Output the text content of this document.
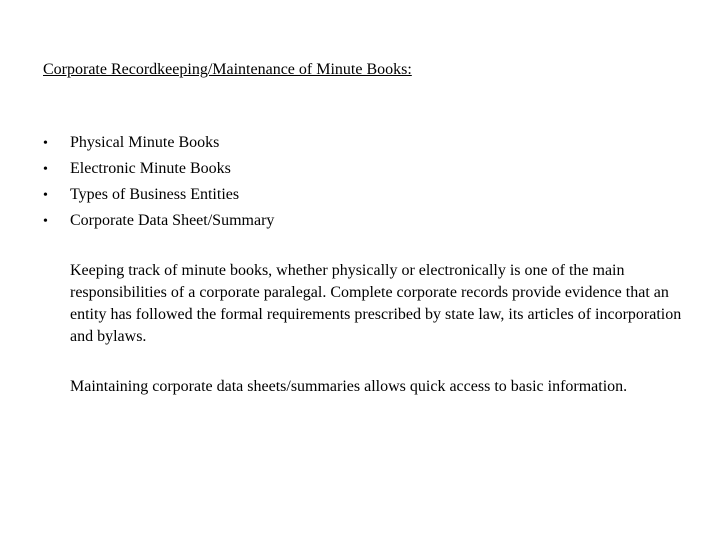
Corporate Recordkeeping/Maintenance of Minute Books:
• Physical Minute Books
• Electronic Minute Books
• Types of Business Entities
• Corporate Data Sheet/Summary

Keeping track of minute books, whether physically or electronically is one of the main responsibilities of a corporate paralegal. Complete corporate records provide evidence that an entity has followed the formal requirements prescribed by state law, its articles of incorporation and bylaws.

Maintaining corporate data sheets/summaries allows quick access to basic information.
